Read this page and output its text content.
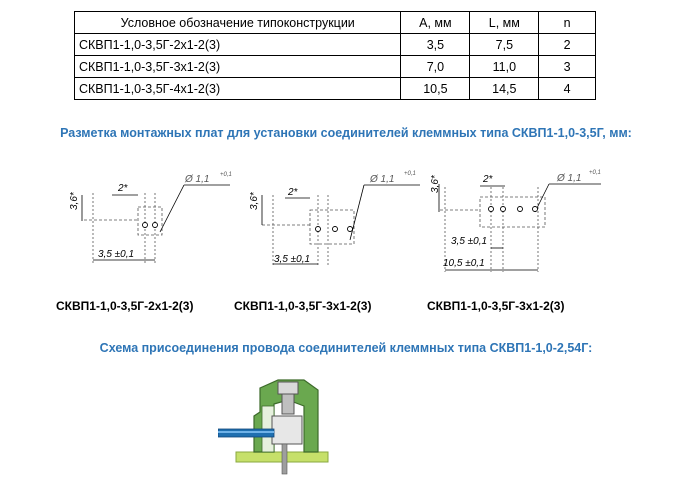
Условное обозначение типоконструкции	А, мм	L, мм	n
СКВП1-1,0-3,5Г-2х1-2(3)	3,5	7,5	2
СКВП1-1,0-3,5Г-3х1-2(3)	7,0	11,0	3
СКВП1-1,0-3,5Г-4х1-2(3)	10,5	14,5	4
Разметка монтажных плат для установки соединителей клеммных типа СКВП1-1,0-3,5Г, мм:
3,6*
2*
Ø 1,1 +0,1
3,5 ±0,1
3,6*	2*
Ø 1,1 +0,1
3,5 ±0,1
3,6*	2*	Ø 1,1 +0,1
3,5 ±0,1
10,5 ±0,1
СКВП1-1,0-3,5Г-2х1-2(3)	СКВП1-1,0-3,5Г-3х1-2(3)	СКВП1-1,0-3,5Г-3х1-2(3)
Схема присоединения провода соединителей клеммных типа СКВП1-1,0-2,54Г:
